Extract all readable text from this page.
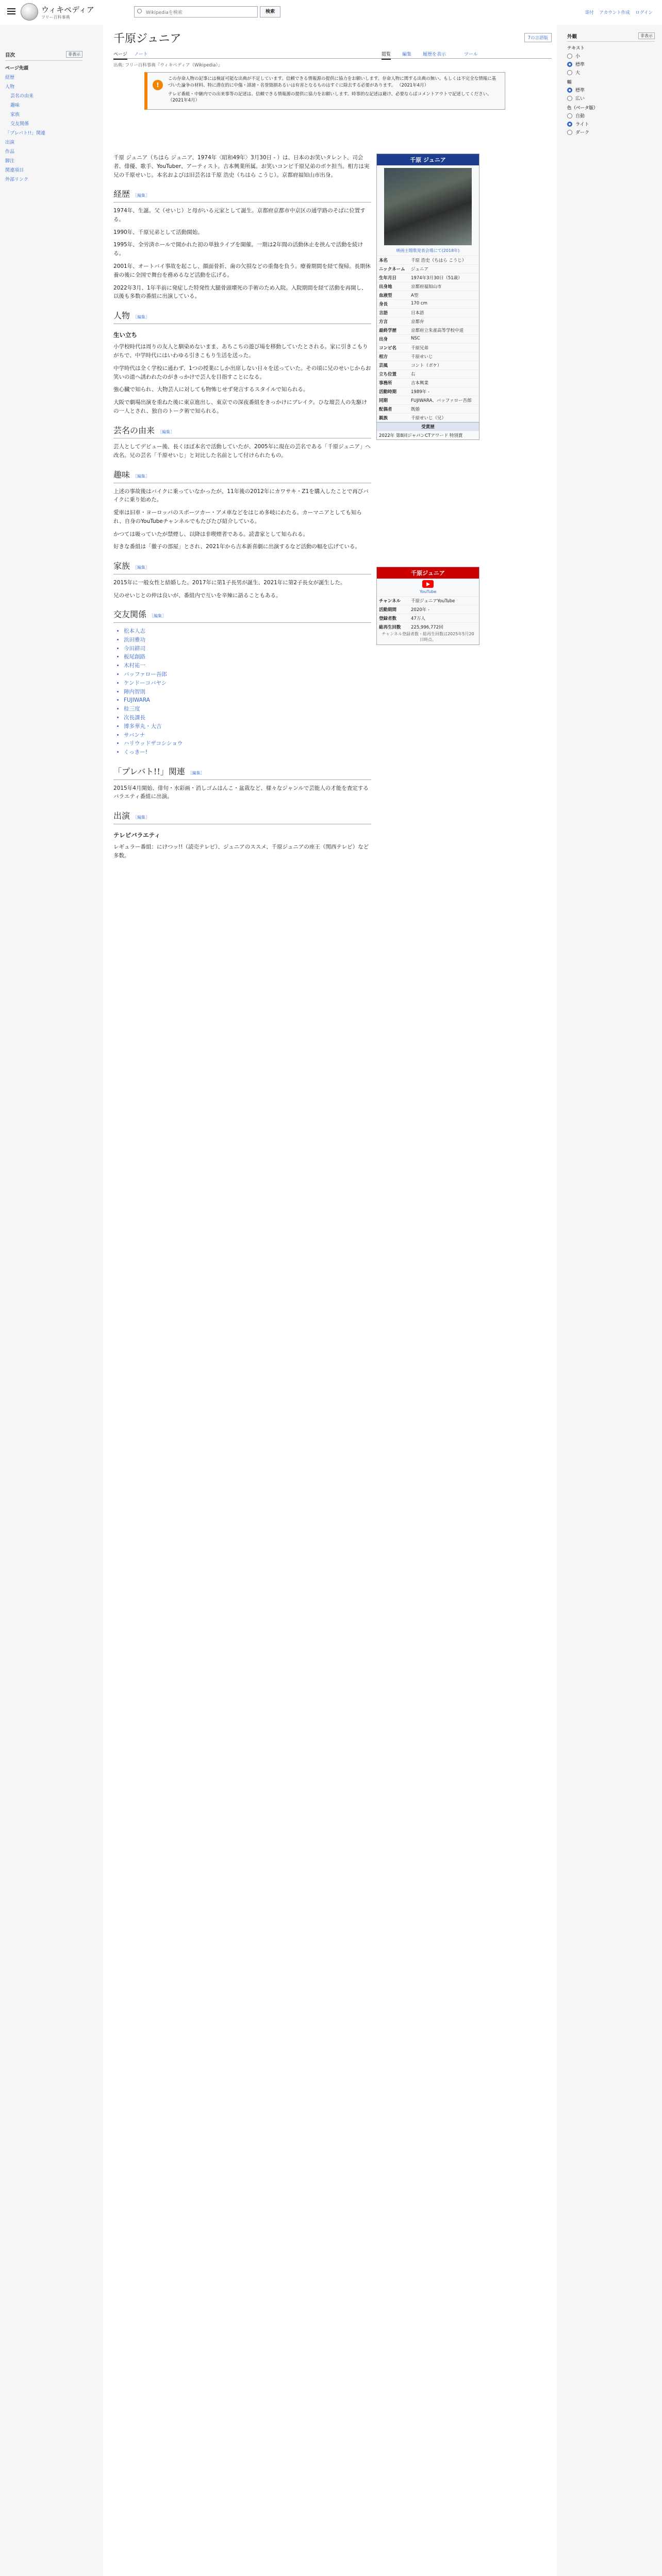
ウィキペディア
フリー百科事典
Wikipediaを検索	検索	寄付 アカウント作成 ログイン
目次	非表示
ページ先頭
経歴
人物
芸名の由来
趣味
家族
交友関係
「プレバト!!」関連
出演
作品
脚注
関連項目
外部リンク
千原ジュニア	7の言語版
ページ ノート	閲覧 編集 履歴を表示	ツール
出典: フリー百科事典『ウィキペディア（Wikipedia）』
!

この存命人物の記事には検証可能な出典が不足しています。信頼できる情報源の提供に協力をお願いします。存命人物に関する出典の無い、もしくは不完全な情報に基づいた論争の材料、特に潜在的に中傷・誹謗・名誉毀損あるいは有害となるものはすぐに除去する必要があります。 （2021年4月）

テレビ番組・中継内での出来事等の記述は、信頼できる情報源の提供に協力をお願いします。時事的な記述は避け、必要ならばコメントアウトで記述してください。 （2021年4月）

千原 ジュニア（ちはら ジュニア、1974年〈昭和49年〉3月30日 - ）は、日本のお笑いタレント、司会者、俳優、歌手、YouTuber、アーティスト。吉本興業所属。お笑いコンビ千原兄弟のボケ担当。相方は実兄の千原せいじ。本名およびは旧芸名は千原 浩史（ちはら こうじ）。京都府福知山市出身。

経歴 ［編集］

1974年、生誕。父（せいじ）と母がいる元家として誕生。京都府京都市中京区の通学路のそばに位置する。

1990年、千原兄弟として活動開始。

1995年、全労済ホールで開かれた初の単独ライブを開催。一期は2年間の活動休止を挟んで活動を続ける。

2001年、オートバイ事故を起こし、顔面骨折、歯の欠損などの重傷を負う。療養期間を経て復帰。長期休養の後に全国で舞台を務めるなど活動を広げる。

2022年3月、1年半前に発症した特発性大腿骨頭壊死の手術のため入院。入院期間を経て活動を再開し、以後も多数の番組に出演している。

人物 ［編集］
生い立ち

小学校時代は周りの友人と馴染めないまま、あちこちの遊び場を移動していたとされる。家に引きこもりがちで、中学時代にはいわゆる引きこもり生活を送った。

中学時代は全く学校に通わず、1つの授業にしか出席しない日々を送っていた。その頃に兄のせいじからお笑いの道へ誘われたのがきっかけで芸人を目指すことになる。

強心臓で知られ、大物芸人に対しても物怖じせず発言するスタイルで知られる。

大阪で劇場出演を重ねた後に東京進出し、東京での深夜番組をきっかけにブレイク。ひな壇芸人の先駆けの一人とされ、独自のトーク術で知られる。

芸名の由来 ［編集］

芸人としてデビュー後、長くほぼ本名で活動していたが、2005年に現在の芸名である「千原ジュニア」へ改名。兄の芸名「千原せいじ」と対比した名前として付けられたもの。

趣味 ［編集］

上述の事故後はバイクに乗っていなかったが、11年後の2012年にカワサキ・Z1を購入したことで再びバイクに乗り始めた。

愛車は旧車・ヨーロッパのスポーツカー・アメ車などをはじめ多岐にわたる。カーマニアとしても知られ、自身のYouTubeチャンネルでもたびたび紹介している。

かつては吸っていたが禁煙し、以降は非喫煙者である。読書家として知られる。

好きな番組は「徹子の部屋」とされ、2021年から吉本新喜劇に出演するなど活動の幅を広げている。

家族 ［編集］

2015年に一般女性と結婚した。2017年に第1子長男が誕生、2021年に第2子長女が誕生した。

兄のせいじとの仲は良いが、番組内で互いを辛辣に語ることもある。

交友関係 ［編集］
• 松本人志
• 浜田雅功
• 今田耕司
• 板尾創路
• 木村祐一
• バッファロー吾郎
• ケンドーコバヤシ
• 陣内智則
• FUJIWARA
• 桂三度
• 次長課長
• 博多華丸・大吉
• サバンナ
• ハリウッドザコシショウ
• くっきー!
「プレバト!!」関連 ［編集］

2015年4月開始、俳句・水彩画・消しゴムはんこ・盆栽など、様々なジャンルで芸能人の才能を査定するバラエティ番組に出演。

出演 ［編集］
テレビバラエティ

レギュラー番組：にけつッ!!（読売テレビ）、ジュニアのススメ、千原ジュニアの座王（関西テレビ）など多数。

千原 ジュニア
映画主題歌発表会場にて(2018年)
本名	千原 浩史（ちはら こうじ）
ニックネーム	ジュニア
生年月日	1974年3月30日（51歳）
出身地	京都府福知山市
血液型	A型
身長	170 cm
言語	日本語
方言	京都弁
最終学歴	京都府立朱雀高等学校中退
出身	NSC
コンビ名	千原兄弟
相方	千原せいじ
芸風	コント（ボケ）
立ち位置	右
事務所	吉本興業
活動時期	1989年 -
同期	FUJIWARA、バッファロー吾郎
配偶者	既婚
親族	千原せいじ（兄）
受賞歴
2022年 第8回ジャパンCTアワード 特別賞
千原ジュニア
YouTube
チャンネル	千原ジュニアYouTube
活動期間	2020年 -
登録者数	47万人
総再生回数	225,996,772回
チャンネル登録者数・総再生回数は2025年5月20日時点。
外観	非表示
テキスト
小
標準
大
幅
標準
広い
色（ベータ版）
自動
ライト
ダーク
